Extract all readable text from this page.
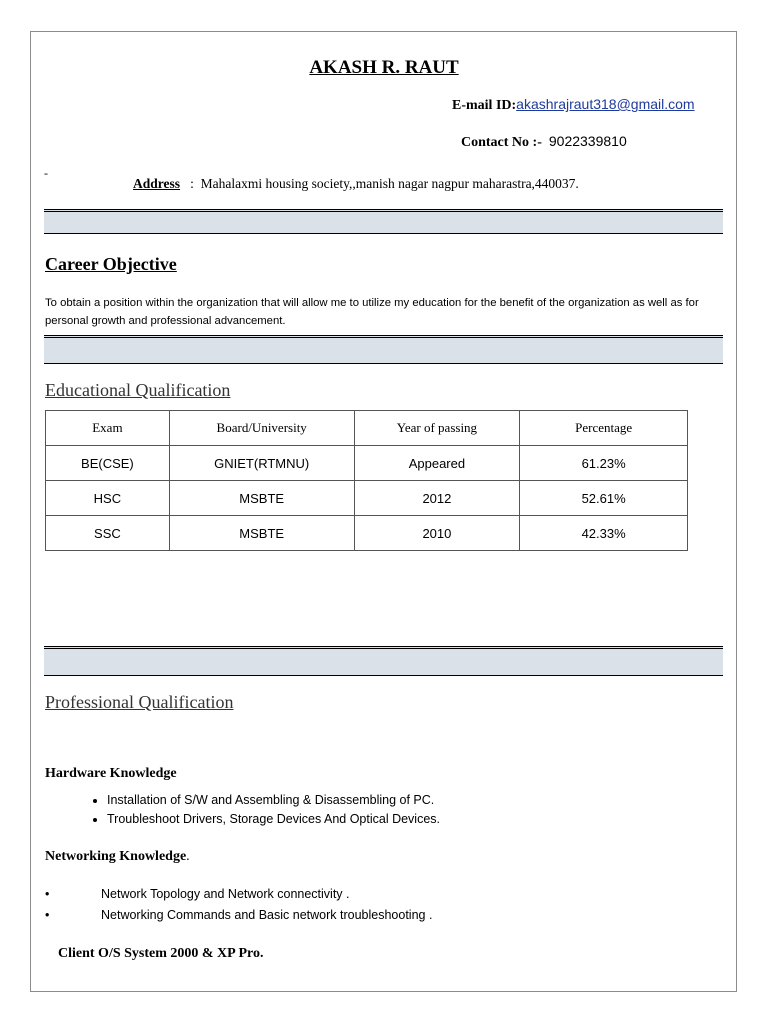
AKASH R. RAUT
E-mail ID:akashrajraut318@gmail.com
Contact No :- 9022339810
-
Address : Mahalaxmi housing society,,manish nagar nagpur maharastra,440037.
Career Objective
To obtain a position within the organization that will allow me to utilize my education for the benefit of the organization as well as for personal growth and professional advancement.
Educational Qualification
Exam	Board/University	Year of passing	Percentage
BE(CSE)	GNIET(RTMNU)	Appeared	61.23%
HSC	MSBTE	2012	52.61%
SSC	MSBTE	2010	42.33%
Professional Qualification
Hardware Knowledge
• Installation of S/W and Assembling & Disassembling of PC.
• Troubleshoot Drivers, Storage Devices And Optical Devices.
Networking Knowledge.
•	Network Topology and Network connectivity .
•	Networking Commands and Basic network troubleshooting .
Client O/S System 2000 & XP Pro.
